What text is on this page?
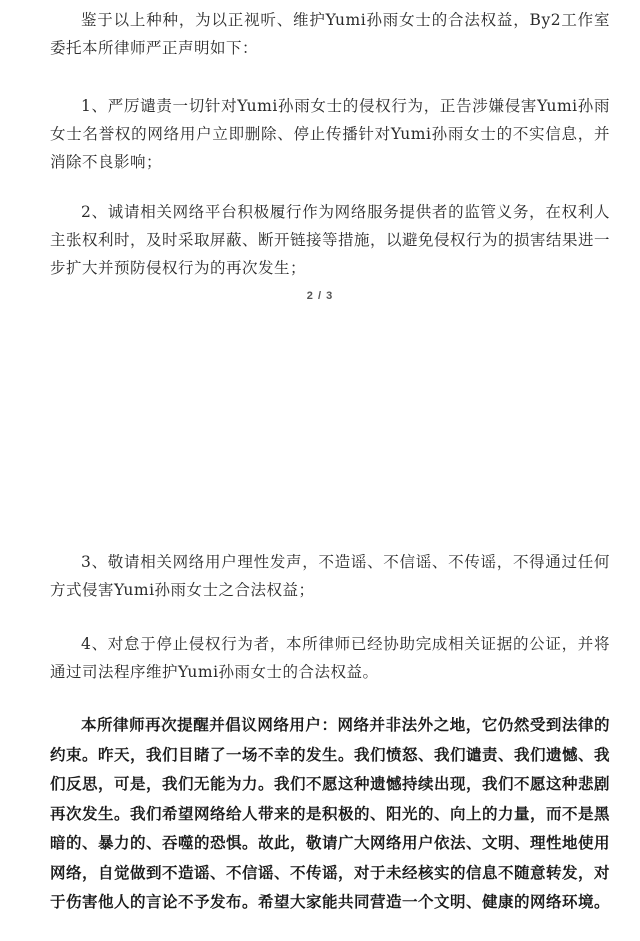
鉴于以上种种，为以正视听、维护Yumi孙雨女士的合法权益，By2工作室委托本所律师严正声明如下：

1、严厉谴责一切针对Yumi孙雨女士的侵权行为，正告涉嫌侵害Yumi孙雨女士名誉权的网络用户立即删除、停止传播针对Yumi孙雨女士的不实信息，并消除不良影响；

2、诚请相关网络平台积极履行作为网络服务提供者的监管义务，在权利人主张权利时，及时采取屏蔽、断开链接等措施，以避免侵权行为的损害结果进一步扩大并预防侵权行为的再次发生；

2 / 3

3、敬请相关网络用户理性发声，不造谣、不信谣、不传谣，不得通过任何方式侵害Yumi孙雨女士之合法权益；

4、对怠于停止侵权行为者，本所律师已经协助完成相关证据的公证，并将通过司法程序维护Yumi孙雨女士的合法权益。

本所律师再次提醒并倡议网络用户：网络并非法外之地，它仍然受到法律的约束。昨天，我们目睹了一场不幸的发生。我们愤怒、我们谴责、我们遗憾、我们反思，可是，我们无能为力。我们不愿这种遗憾持续出现，我们不愿这种悲剧再次发生。我们希望网络给人带来的是积极的、阳光的、向上的力量，而不是黑暗的、暴力的、吞噬的恐惧。故此，敬请广大网络用户依法、文明、理性地使用网络，自觉做到不造谣、不信谣、不传谣，对于未经核实的信息不随意转发，对于伤害他人的言论不予发布。希望大家能共同营造一个文明、健康的网络环境。
